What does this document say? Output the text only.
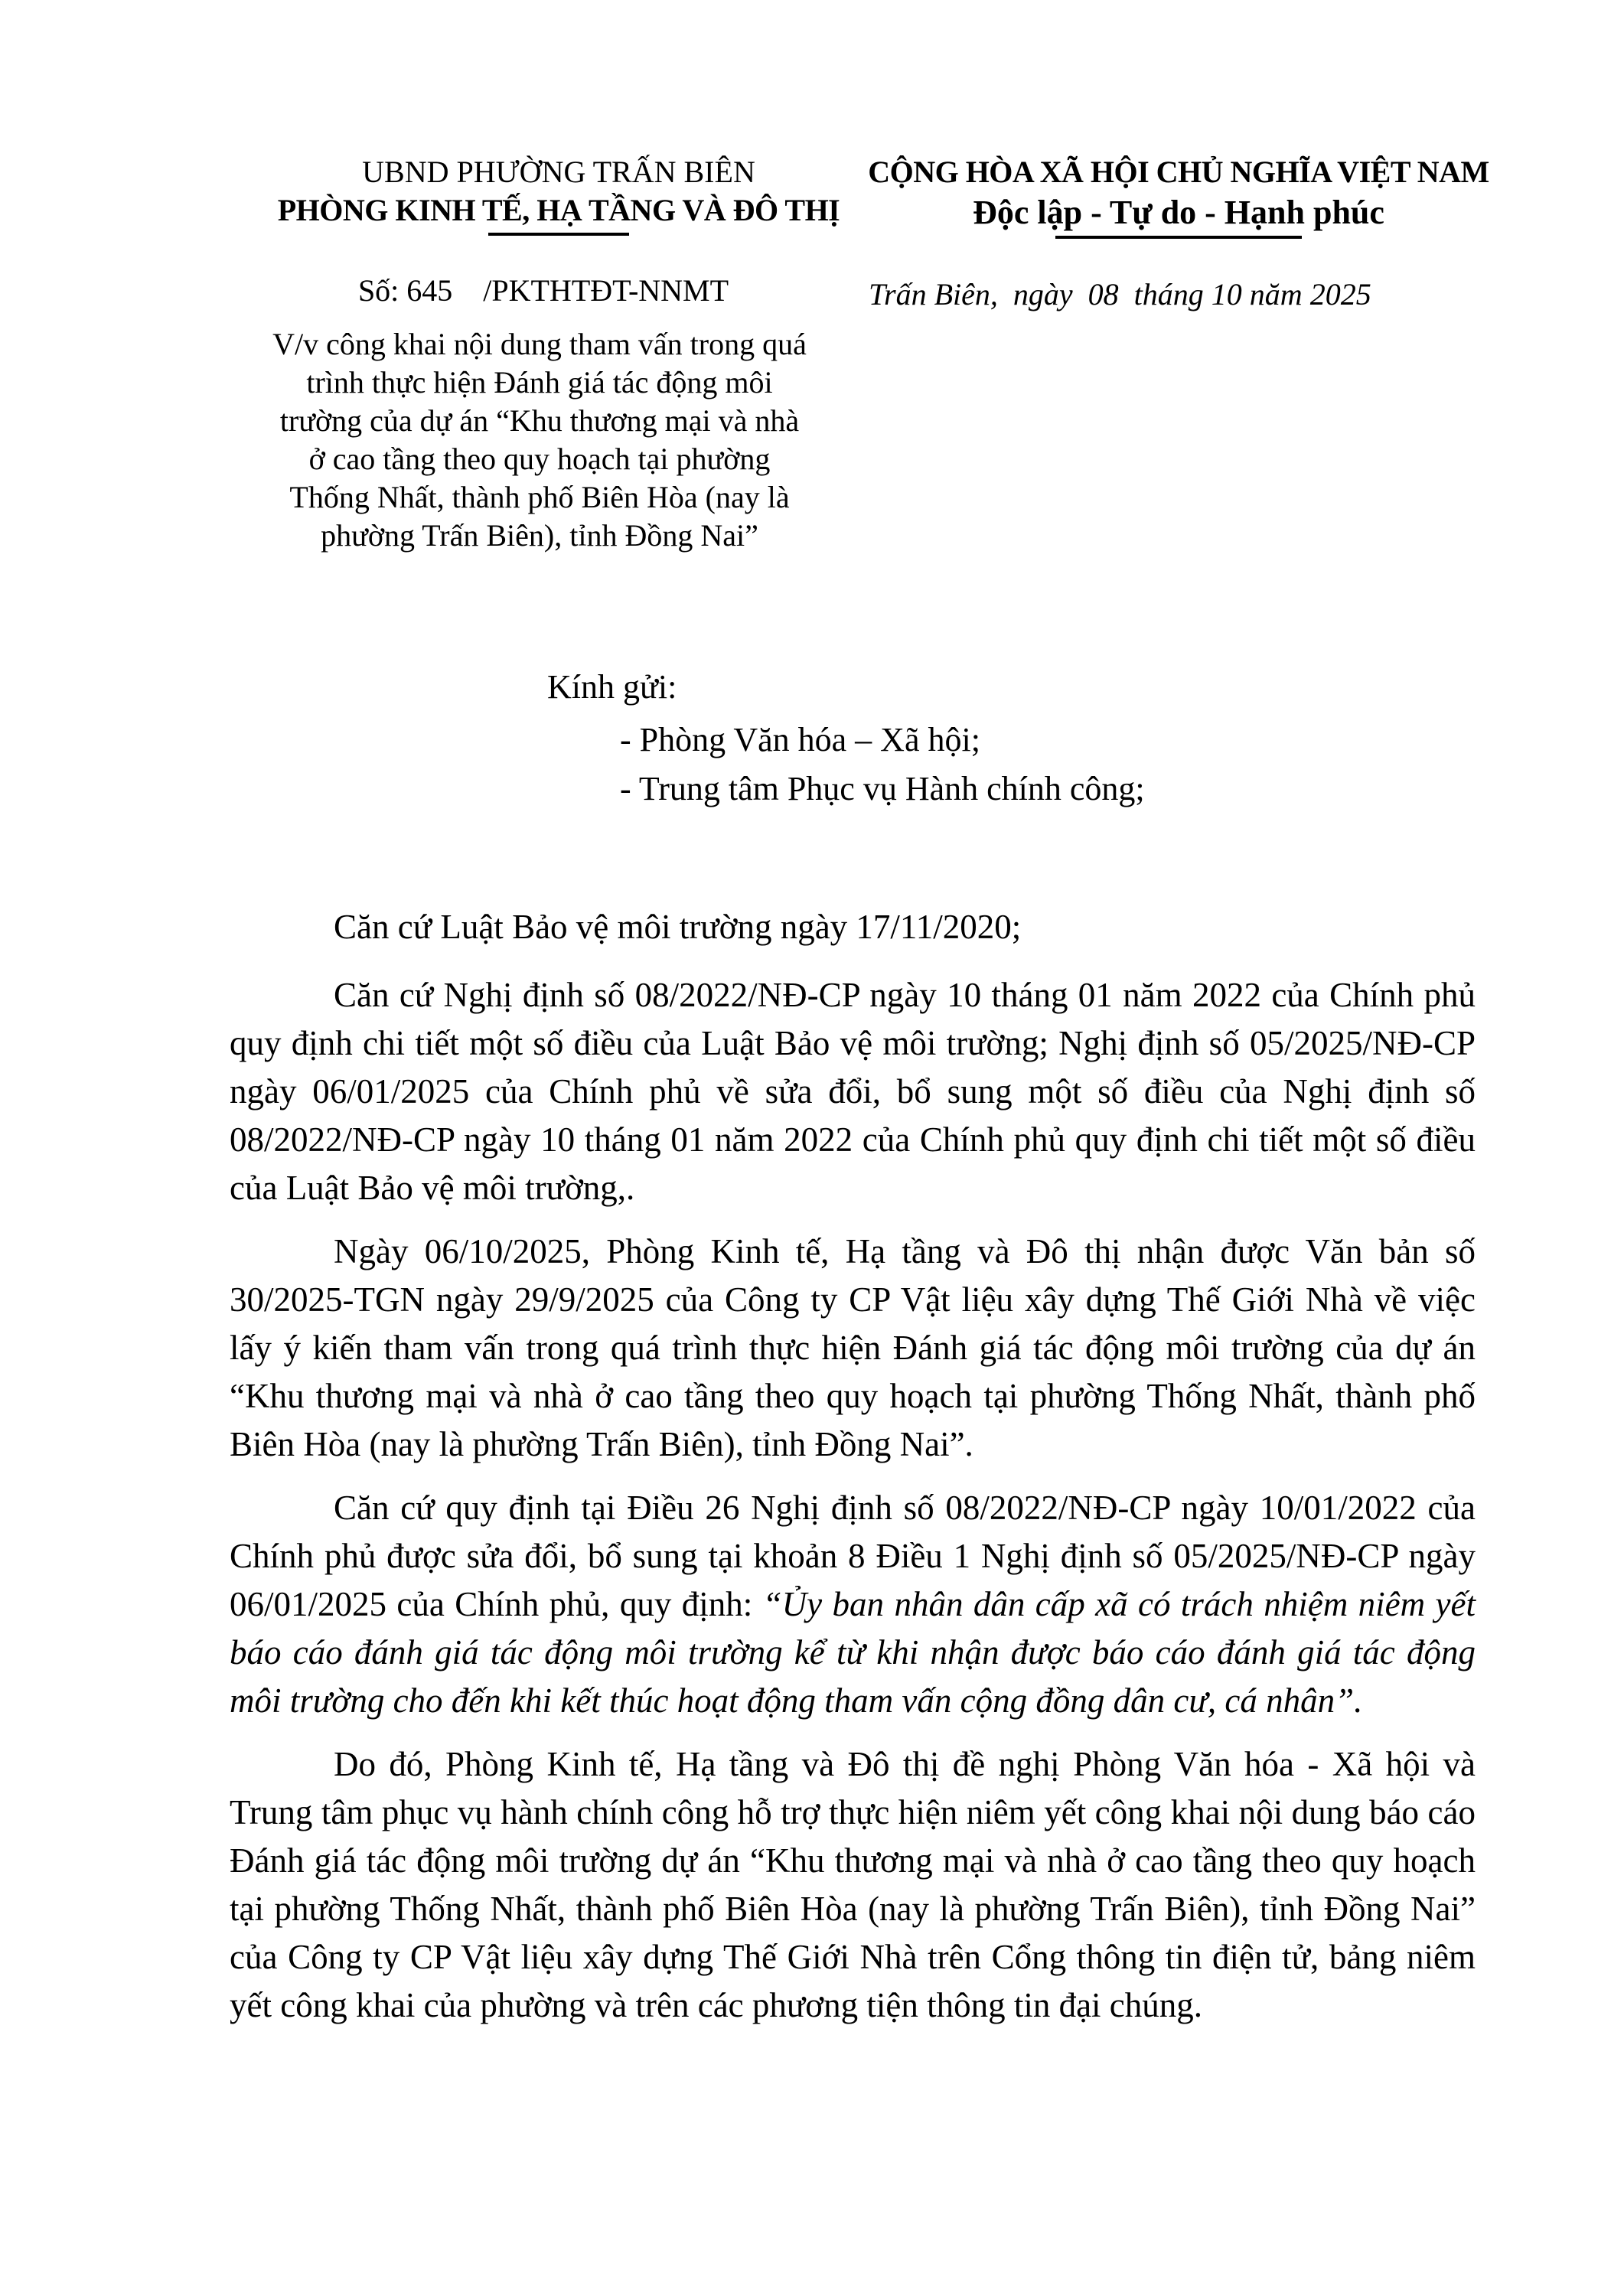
UBND PHƯỜNG TRẤN BIÊN
PHÒNG KINH TẾ, HẠ TẦNG VÀ ĐÔ THỊ
CỘNG HÒA XÃ HỘI CHỦ NGHĨA VIỆT NAM
Độc lập - Tự do - Hạnh phúc
Số: 645 /PKTHTĐT-NNMT	Trấn Biên, ngày 08 tháng 10 năm 2025
V/v công khai nội dung tham vấn trong quá
trình thực hiện Đánh giá tác động môi
trường của dự án “Khu thương mại và nhà
ở cao tầng theo quy hoạch tại phường
Thống Nhất, thành phố Biên Hòa (nay là
phường Trấn Biên), tỉnh Đồng Nai”
Kính gửi:
- Phòng Văn hóa – Xã hội;
- Trung tâm Phục vụ Hành chính công;

Căn cứ Luật Bảo vệ môi trường ngày 17/11/2020;

Căn cứ Nghị định số 08/2022/NĐ-CP ngày 10 tháng 01 năm 2022 của Chính phủ quy định chi tiết một số điều của Luật Bảo vệ môi trường; Nghị định số 05/2025/NĐ-CP ngày 06/01/2025 của Chính phủ về sửa đổi, bổ sung một số điều của Nghị định số 08/2022/NĐ-CP ngày 10 tháng 01 năm 2022 của Chính phủ quy định chi tiết một số điều của Luật Bảo vệ môi trường,.

Ngày 06/10/2025, Phòng Kinh tế, Hạ tầng và Đô thị nhận được Văn bản số 30/2025-TGN ngày 29/9/2025 của Công ty CP Vật liệu xây dựng Thế Giới Nhà về việc lấy ý kiến tham vấn trong quá trình thực hiện Đánh giá tác động môi trường của dự án “Khu thương mại và nhà ở cao tầng theo quy hoạch tại phường Thống Nhất, thành phố Biên Hòa (nay là phường Trấn Biên), tỉnh Đồng Nai”.

Căn cứ quy định tại Điều 26 Nghị định số 08/2022/NĐ-CP ngày 10/01/2022 của Chính phủ được sửa đổi, bổ sung tại khoản 8 Điều 1 Nghị định số 05/2025/NĐ-CP ngày 06/01/2025 của Chính phủ, quy định: “Ủy ban nhân dân cấp xã có trách nhiệm niêm yết báo cáo đánh giá tác động môi trường kể từ khi nhận được báo cáo đánh giá tác động môi trường cho đến khi kết thúc hoạt động tham vấn cộng đồng dân cư, cá nhân”.

Do đó, Phòng Kinh tế, Hạ tầng và Đô thị đề nghị Phòng Văn hóa - Xã hội và Trung tâm phục vụ hành chính công hỗ trợ thực hiện niêm yết công khai nội dung báo cáo Đánh giá tác động môi trường dự án “Khu thương mại và nhà ở cao tầng theo quy hoạch tại phường Thống Nhất, thành phố Biên Hòa (nay là phường Trấn Biên), tỉnh Đồng Nai” của Công ty CP Vật liệu xây dựng Thế Giới Nhà trên Cổng thông tin điện tử, bảng niêm yết công khai của phường và trên các phương tiện thông tin đại chúng.
